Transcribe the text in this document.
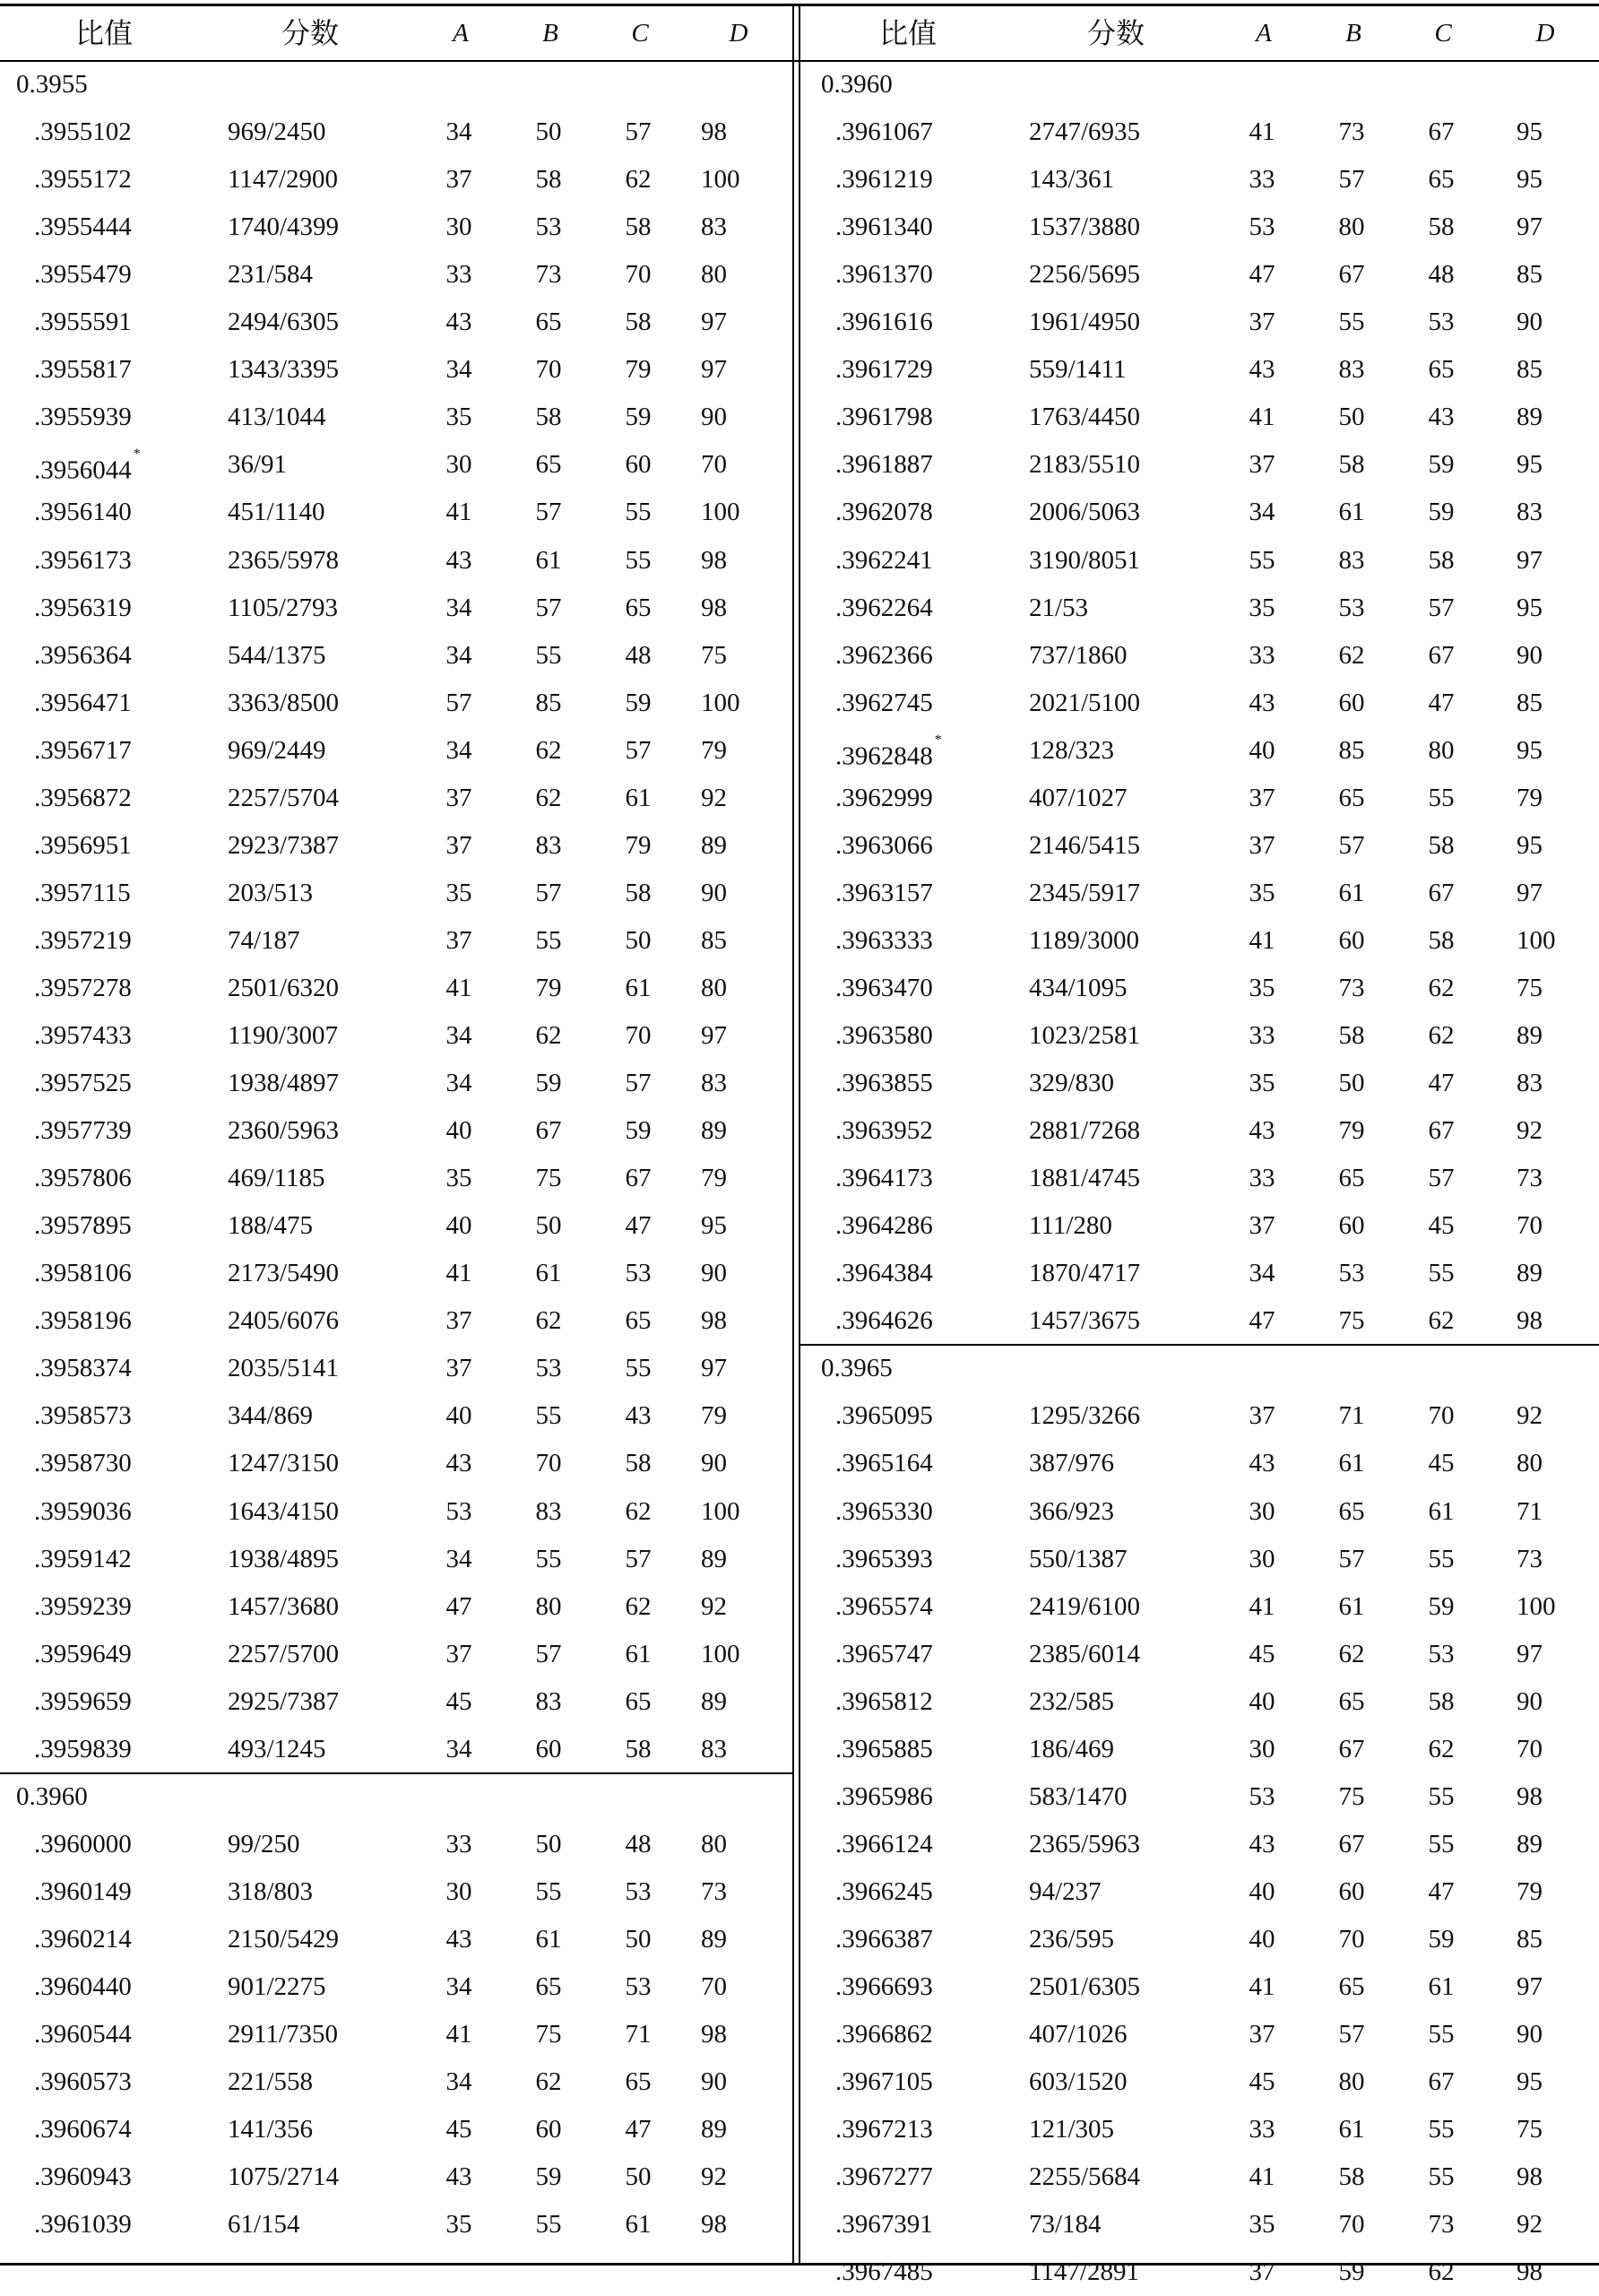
0.3955
.3955102	969/2450	34 50 57 98
.3955172	1147/2900	37 58 62 100
.3955444	1740/4399	30 53 58 83
.3955479	231/584	33 73 70 80
.3955591	2494/6305	43 65 58 97
.3955817	1343/3395	34 70 79 97
.3955939	413/1044	35 58 59 90
.3956044*	36/91	30 65 60 70
.3956140	451/1140	41 57 55 100
.3956173	2365/5978	43 61 55 98
.3956319	1105/2793	34 57 65 98
.3956364	544/1375	34 55 48 75
.3956471	3363/8500	57 85 59 100
.3956717	969/2449	34 62 57 79
.3956872	2257/5704	37 62 61 92
.3956951	2923/7387	37 83 79 89
.3957115	203/513	35 57 58 90
.3957219	74/187	37 55 50 85
.3957278	2501/6320	41 79 61 80
.3957433	1190/3007	34 62 70 97
.3957525	1938/4897	34 59 57 83
.3957739	2360/5963	40 67 59 89
.3957806	469/1185	35 75 67 79
.3957895	188/475	40 50 47 95
.3958106	2173/5490	41 61 53 90
.3958196	2405/6076	37 62 65 98
.3958374	2035/5141	37 53 55 97
.3958573	344/869	40 55 43 79
.3958730	1247/3150	43 70 58 90
.3959036	1643/4150	53 83 62 100
.3959142	1938/4895	34 55 57 89
.3959239	1457/3680	47 80 62 92
.3959649	2257/5700	37 57 61 100
.3959659	2925/7387	45 83 65 89
.3959839	493/1245	34 60 58 83
0.3960
.3960000	99/250	33 50 48 80
.3960149	318/803	30 55 53 73
.3960214	2150/5429	43 61 50 89
.3960440	901/2275	34 65 53 70
.3960544	2911/7350	41 75 71 98
.3960573	221/558	34 62 65 90
.3960674	141/356	45 60 47 89
.3960943	1075/2714	43 59 50 92
.3961039	61/154	35 55 61 98
0.3960
.3961067	2747/6935	41 73 67 95
.3961219	143/361	33 57 65 95
.3961340	1537/3880	53 80 58 97
.3961370	2256/5695	47 67 48 85
.3961616	1961/4950	37 55 53 90
.3961729	559/1411	43 83 65 85
.3961798	1763/4450	41 50 43 89
.3961887	2183/5510	37 58 59 95
.3962078	2006/5063	34 61 59 83
.3962241	3190/8051	55 83 58 97
.3962264	21/53	35 53 57 95
.3962366	737/1860	33 62 67 90
.3962745	2021/5100	43 60 47 85
.3962848*	128/323	40 85 80 95
.3962999	407/1027	37 65 55 79
.3963066	2146/5415	37 57 58 95
.3963157	2345/5917	35 61 67 97
.3963333	1189/3000	41 60 58 100
.3963470	434/1095	35 73 62 75
.3963580	1023/2581	33 58 62 89
.3963855	329/830	35 50 47 83
.3963952	2881/7268	43 79 67 92
.3964173	1881/4745	33 65 57 73
.3964286	111/280	37 60 45 70
.3964384	1870/4717	34 53 55 89
.3964626	1457/3675	47 75 62 98
0.3965
.3965095	1295/3266	37 71 70 92
.3965164	387/976	43 61 45 80
.3965330	366/923	30 65 61 71
.3965393	550/1387	30 57 55 73
.3965574	2419/6100	41 61 59 100
.3965747	2385/6014	45 62 53 97
.3965812	232/585	40 65 58 90
.3965885	186/469	30 67 62 70
.3965986	583/1470	53 75 55 98
.3966124	2365/5963	43 67 55 89
.3966245	94/237	40 60 47 79
.3966387	236/595	40 70 59 85
.3966693	2501/6305	41 65 61 97
.3966862	407/1026	37 57 55 90
.3967105	603/1520	45 80 67 95
.3967213	121/305	33 61 55 75
.3967277	2255/5684	41 58 55 98
.3967391	73/184	35 70 73 92
.3967485	1147/2891	37 59 62 98
比值	分数	A	B	C	D	比值	分数	A	B	C	D
